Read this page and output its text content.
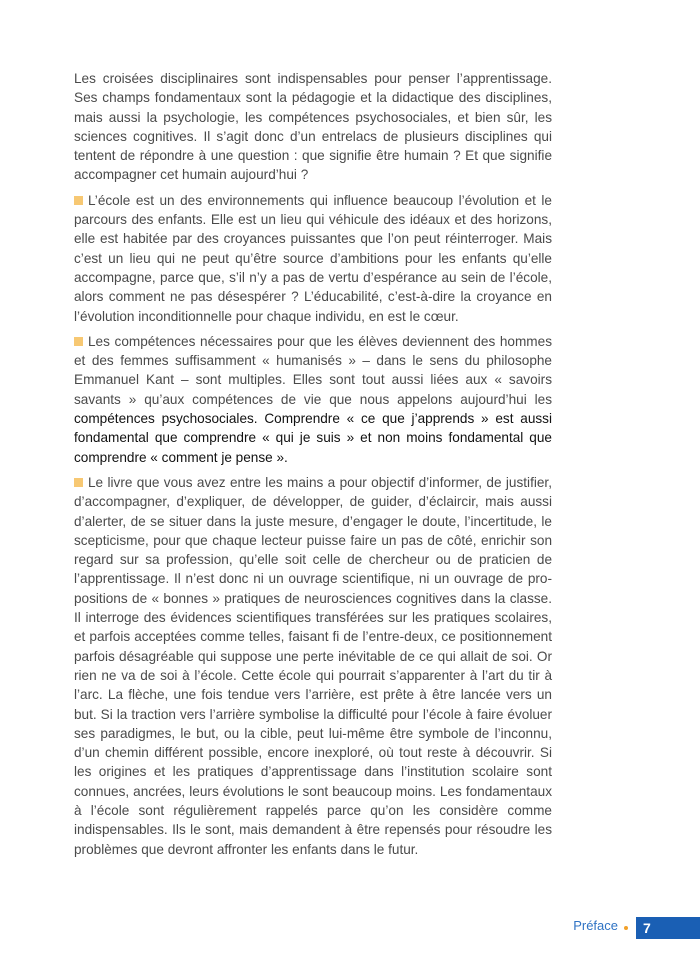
Les croisées disciplinaires sont indispensables pour penser l’apprentissage. Ses champs fondamentaux sont la pédagogie et la didactique des disciplines, mais aussi la psychologie, les compétences psychosociales, et bien sûr, les sciences cognitives. Il s’agit donc d’un entrelacs de plusieurs disciplines qui tentent de répondre à une question : que signifie être humain ? Et que signifie accompagner cet humain aujourd’hui ?

L’école est un des environnements qui influence beaucoup l’évolution et le parcours des enfants. Elle est un lieu qui véhicule des idéaux et des horizons, elle est habitée par des croyances puissantes que l’on peut réinterroger. Mais c’est un lieu qui ne peut qu’être source d’ambitions pour les enfants qu’elle accompagne, parce que, s’il n’y a pas de vertu d’espérance au sein de l’école, alors comment ne pas désespérer ? L’éducabilité, c’est-à-dire la croyance en l’évolution inconditionnelle pour chaque individu, en est le cœur.

Les compétences nécessaires pour que les élèves deviennent des hommes et des femmes suffisamment « humanisés » – dans le sens du philosophe Emmanuel Kant – sont multiples. Elles sont tout aussi liées aux « savoirs savants » qu’aux compétences de vie que nous appelons aujourd’hui les compétences psychosociales. Comprendre « ce que j’apprends » est aussi fondamental que comprendre « qui je suis » et non moins fondamental que comprendre « comment je pense ».

Le livre que vous avez entre les mains a pour objectif d’informer, de justifier, d’accompagner, d’expliquer, de développer, de guider, d’éclaircir, mais aussi d’alerter, de se situer dans la juste mesure, d’engager le doute, l’incertitude, le scepticisme, pour que chaque lecteur puisse faire un pas de côté, enrichir son regard sur sa profession, qu’elle soit celle de chercheur ou de praticien de l’apprentissage. Il n’est donc ni un ouvrage scientifique, ni un ouvrage de propositions de « bonnes » pratiques de neurosciences cognitives dans la classe. Il interroge des évidences scientifiques transférées sur les pratiques scolaires, et parfois acceptées comme telles, faisant fi de l’entre-deux, ce positionnement parfois désagréable qui suppose une perte inévitable de ce qui allait de soi. Or rien ne va de soi à l’école. Cette école qui pourrait s’apparenter à l’art du tir à l’arc. La flèche, une fois tendue vers l’arrière, est prête à être lancée vers un but. Si la traction vers l’arrière symbolise la difficulté pour l’école à faire évoluer ses paradigmes, le but, ou la cible, peut lui-même être symbole de l’inconnu, d’un chemin différent possible, encore inexploré, où tout reste à découvrir. Si les origines et les pratiques d’apprentissage dans l’institution scolaire sont connues, ancrées, leurs évolutions le sont beaucoup moins. Les fondamentaux à l’école sont régulièrement rappelés parce qu’on les considère comme indispensables. Ils le sont, mais demandent à être repensés pour résoudre les problèmes que devront affronter les enfants dans le futur.

Préface	7
